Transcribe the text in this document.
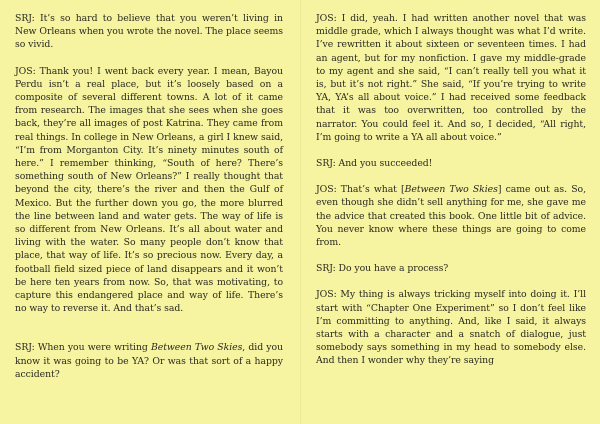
SRJ: It’s so hard to believe that you weren’t living in New Orleans when you wrote the novel. The place seems so vivid.

JOS: Thank you! I went back every year. I mean, Bayou Perdu isn’t a real place, but it’s loosely based on a composite of several different towns. A lot of it came from research. The images that she sees when she goes back, they’re all images of post Katrina. They came from real things. In college in New Orleans, a girl I knew said, “I’m from Morganton City. It’s ninety minutes south of here.” I remember thinking, “South of here? There’s something south of New Orleans?” I really thought that beyond the city, there’s the river and then the Gulf of Mexico. But the further down you go, the more blurred the line between land and water gets. The way of life is so different from New Orleans. It’s all about water and living with the water. So many people don’t know that place, that way of life. It’s so precious now. Every day, a football field sized piece of land disappears and it won’t be here ten years from now. So, that was motivating, to capture this endangered place and way of life. There’s no way to reverse it. And that’s sad.

SRJ: When you were writing Between Two Skies, did you know it was going to be YA? Or was that sort of a happy accident?

JOS: I did, yeah. I had written another novel that was middle grade, which I always thought was what I’d write. I’ve rewritten it about sixteen or seventeen times. I had an agent, but for my nonfiction. I gave my middle-grade to my agent and she said, “I can’t really tell you what it is, but it’s not right.” She said, “If you’re trying to write YA, YA’s all about voice.” I had received some feedback that it was too overwritten, too controlled by the narrator. You could feel it. And so, I decided, “All right, I’m going to write a YA all about voice.”

SRJ: And you succeeded!

JOS: That’s what [Between Two Skies] came out as. So, even though she didn’t sell anything for me, she gave me the advice that created this book. One little bit of advice. You never know where these things are going to come from.

SRJ: Do you have a process?

JOS: My thing is always tricking myself into doing it. I’ll start with “Chapter One Experiment” so I don’t feel like I’m committing to anything. And, like I said, it always starts with a character and a snatch of dialogue, just somebody says something in my head to somebody else. And then I wonder why they’re saying
